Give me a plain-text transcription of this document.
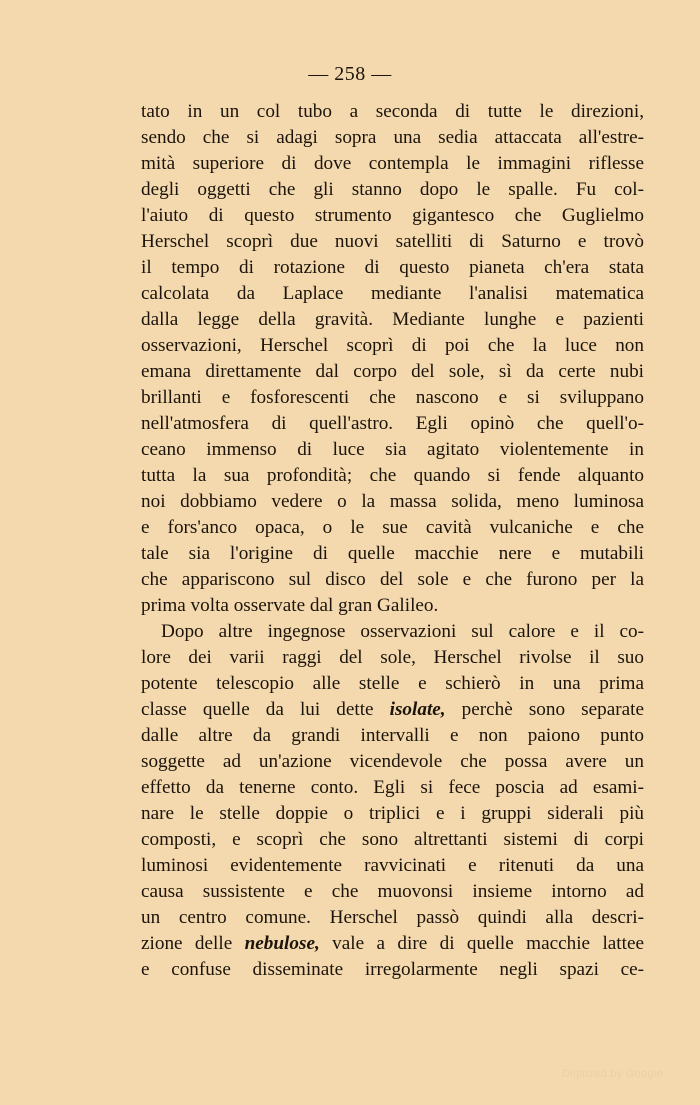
— 258 —
tato in un col tubo a seconda di tutte le direzioni,
sendo che si adagi sopra una sedia attaccata all'estre-
mità superiore di dove contempla le immagini riflesse
degli oggetti che gli stanno dopo le spalle. Fu col-
l'aiuto di questo strumento gigantesco che Guglielmo
Herschel scoprì due nuovi satelliti di Saturno e trovò
il tempo di rotazione di questo pianeta ch'era stata
calcolata da Laplace mediante l'analisi matematica
dalla legge della gravità. Mediante lunghe e pazienti
osservazioni, Herschel scoprì di poi che la luce non
emana direttamente dal corpo del sole, sì da certe nubi
brillanti e fosforescenti che nascono e si sviluppano
nell'atmosfera di quell'astro. Egli opinò che quell'o-
ceano immenso di luce sia agitato violentemente in
tutta la sua profondità; che quando si fende alquanto
noi dobbiamo vedere o la massa solida, meno luminosa
e fors'anco opaca, o le sue cavità vulcaniche e che
tale sia l'origine di quelle macchie nere e mutabili
che appariscono sul disco del sole e che furono per la
prima volta osservate dal gran Galileo.
Dopo altre ingegnose osservazioni sul calore e il co-
lore dei varii raggi del sole, Herschel rivolse il suo
potente telescopio alle stelle e schierò in una prima
classe quelle da lui dette isolate, perchè sono separate
dalle altre da grandi intervalli e non paiono punto
soggette ad un'azione vicendevole che possa avere un
effetto da tenerne conto. Egli si fece poscia ad esami-
nare le stelle doppie o triplici e i gruppi siderali più
composti, e scoprì che sono altrettanti sistemi di corpi
luminosi evidentemente ravvicinati e ritenuti da una
causa sussistente e che muovonsi insieme intorno ad
un centro comune. Herschel passò quindi alla descri-
zione delle nebulose, vale a dire di quelle macchie lattee
e confuse disseminate irregolarmente negli spazi ce-
Digitized by Google
